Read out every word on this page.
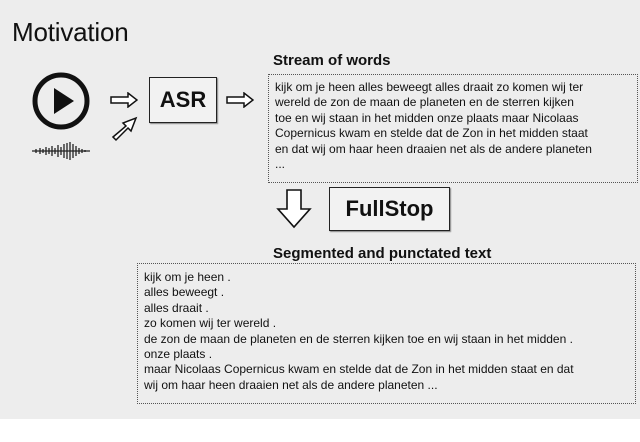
Motivation
ASR
Stream of words
kijk om je heen alles beweegt alles draait zo komen wij ter
wereld de zon de maan de planeten en de sterren kijken
toe en wij staan in het midden onze plaats maar Nicolaas
Copernicus kwam en stelde dat de Zon in het midden staat
en dat wij om haar heen draaien net als de andere planeten
...
FullStop
Segmented and punctated text
kijk om je heen .
alles beweegt .
alles draait .
zo komen wij ter wereld .
de zon de maan de planeten en de sterren kijken toe en wij staan in het midden .
onze plaats .
maar Nicolaas Copernicus kwam en stelde dat de Zon in het midden staat en dat
wij om haar heen draaien net als de andere planeten ...
